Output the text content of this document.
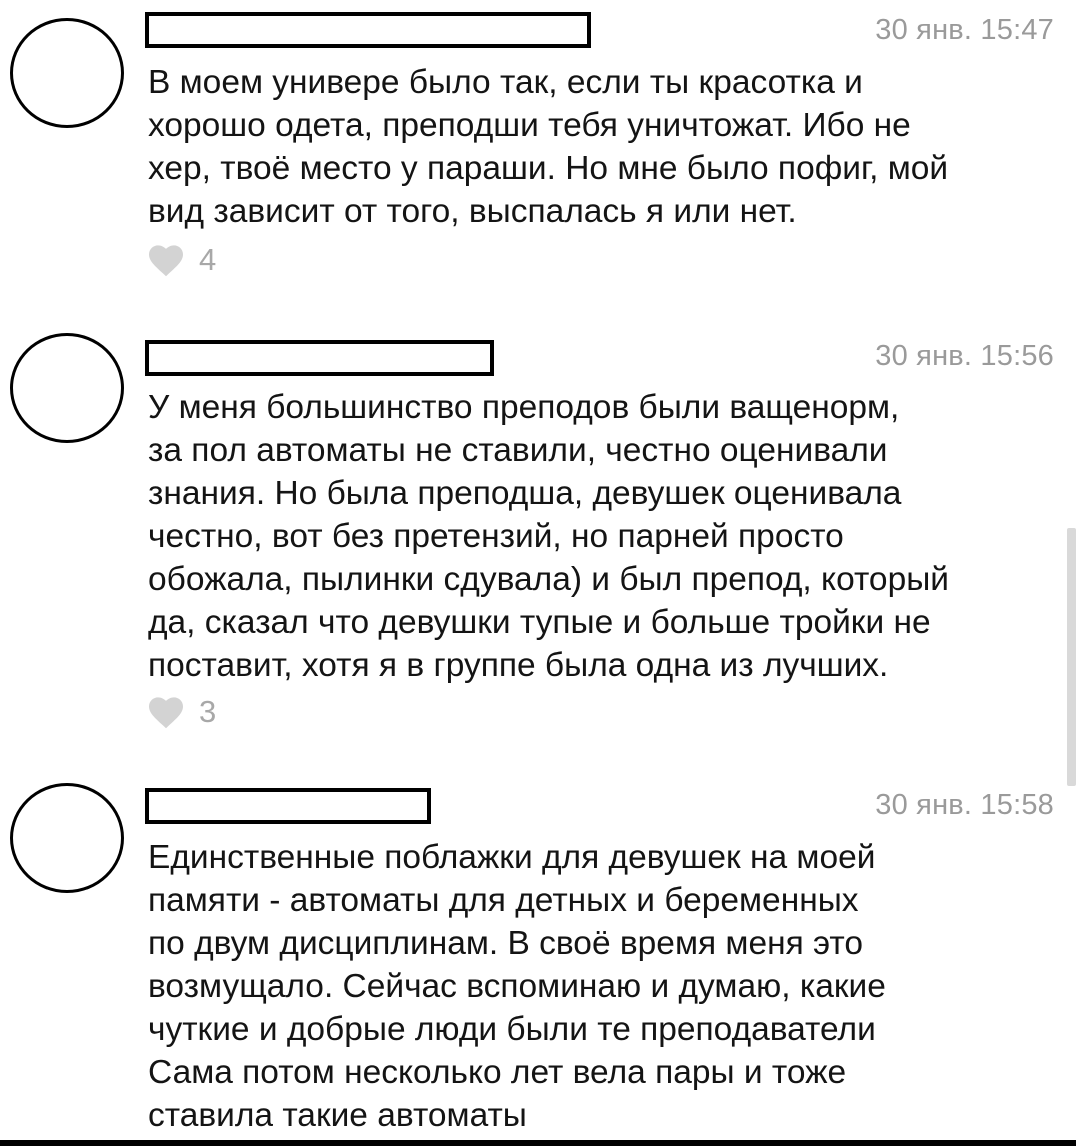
30 янв. 15:47

В моем универе было так, если ты красотка и
хорошо одета, преподши тебя уничтожат. Ибо не
хер, твоё место у параши. Но мне было пофиг, мой
вид зависит от того, выспалась я или нет.

4
30 янв. 15:56

У меня большинство преподов были ващенорм,
за пол автоматы не ставили, честно оценивали
знания. Но была преподша, девушек оценивала
честно, вот без претензий, но парней просто
обожала, пылинки сдувала) и был препод, который
да, сказал что девушки тупые и больше тройки не
поставит, хотя я в группе была одна из лучших.

3
30 янв. 15:58

Единственные поблажки для девушек на моей
памяти - автоматы для детных и беременных
по двум дисциплинам. В своё время меня это
возмущало. Сейчас вспоминаю и думаю, какие
чуткие и добрые люди были те преподаватели
Сама потом несколько лет вела пары и тоже
ставила такие автоматы
